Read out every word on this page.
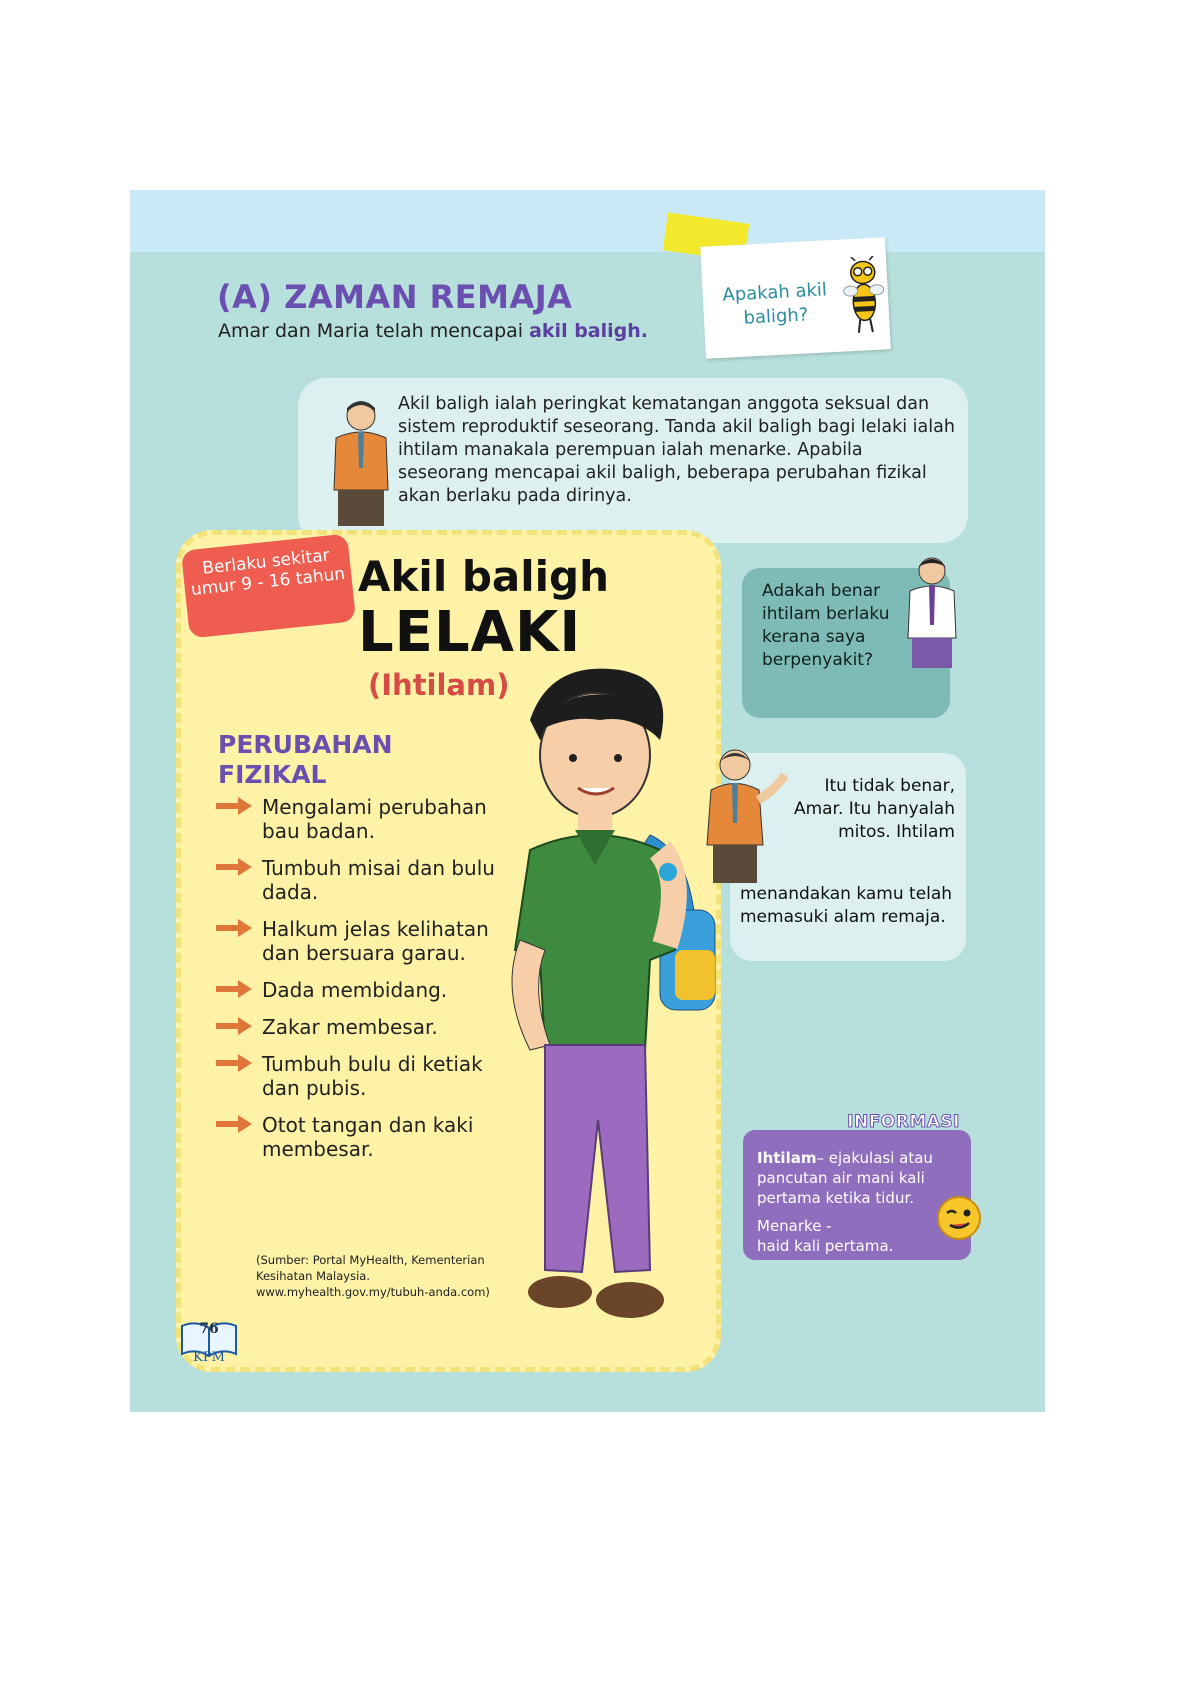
(A) ZAMAN REMAJA
Amar dan Maria telah mencapai akil baligh.
Apakah akil baligh?
Akil baligh ialah peringkat kematangan anggota seksual dan sistem reproduktif seseorang. Tanda akil baligh bagi lelaki ialah ihtilam manakala perempuan ialah menarke. Apabila seseorang mencapai akil baligh, beberapa perubahan fizikal akan berlaku pada dirinya.
Berlaku sekitar umur 9 - 16 tahun Akil baligh
LELAKI
(Ihtilam)
PERUBAHAN FIZIKAL
Mengalami perubahan bau badan.
Tumbuh misai dan bulu dada.
Halkum jelas kelihatan dan bersuara garau.
Dada membidang.
Zakar membesar.
Tumbuh bulu di ketiak dan pubis.
Otot tangan dan kaki membesar.
(Sumber: Portal MyHealth, Kementerian Kesihatan Malaysia. www.myhealth.gov.my/tubuh-anda.com)
76
KPM
Adakah benar ihtilam berlaku kerana saya berpenyakit?
Itu tidak benar, Amar. Itu hanyalah mitos. Ihtilam
menandakan kamu telah memasuki alam remaja.
Ihtilam– ejakulasi atau pancutan air mani kali pertama ketika tidur.
Menarke -
haid kali pertama.
INFORMASI
